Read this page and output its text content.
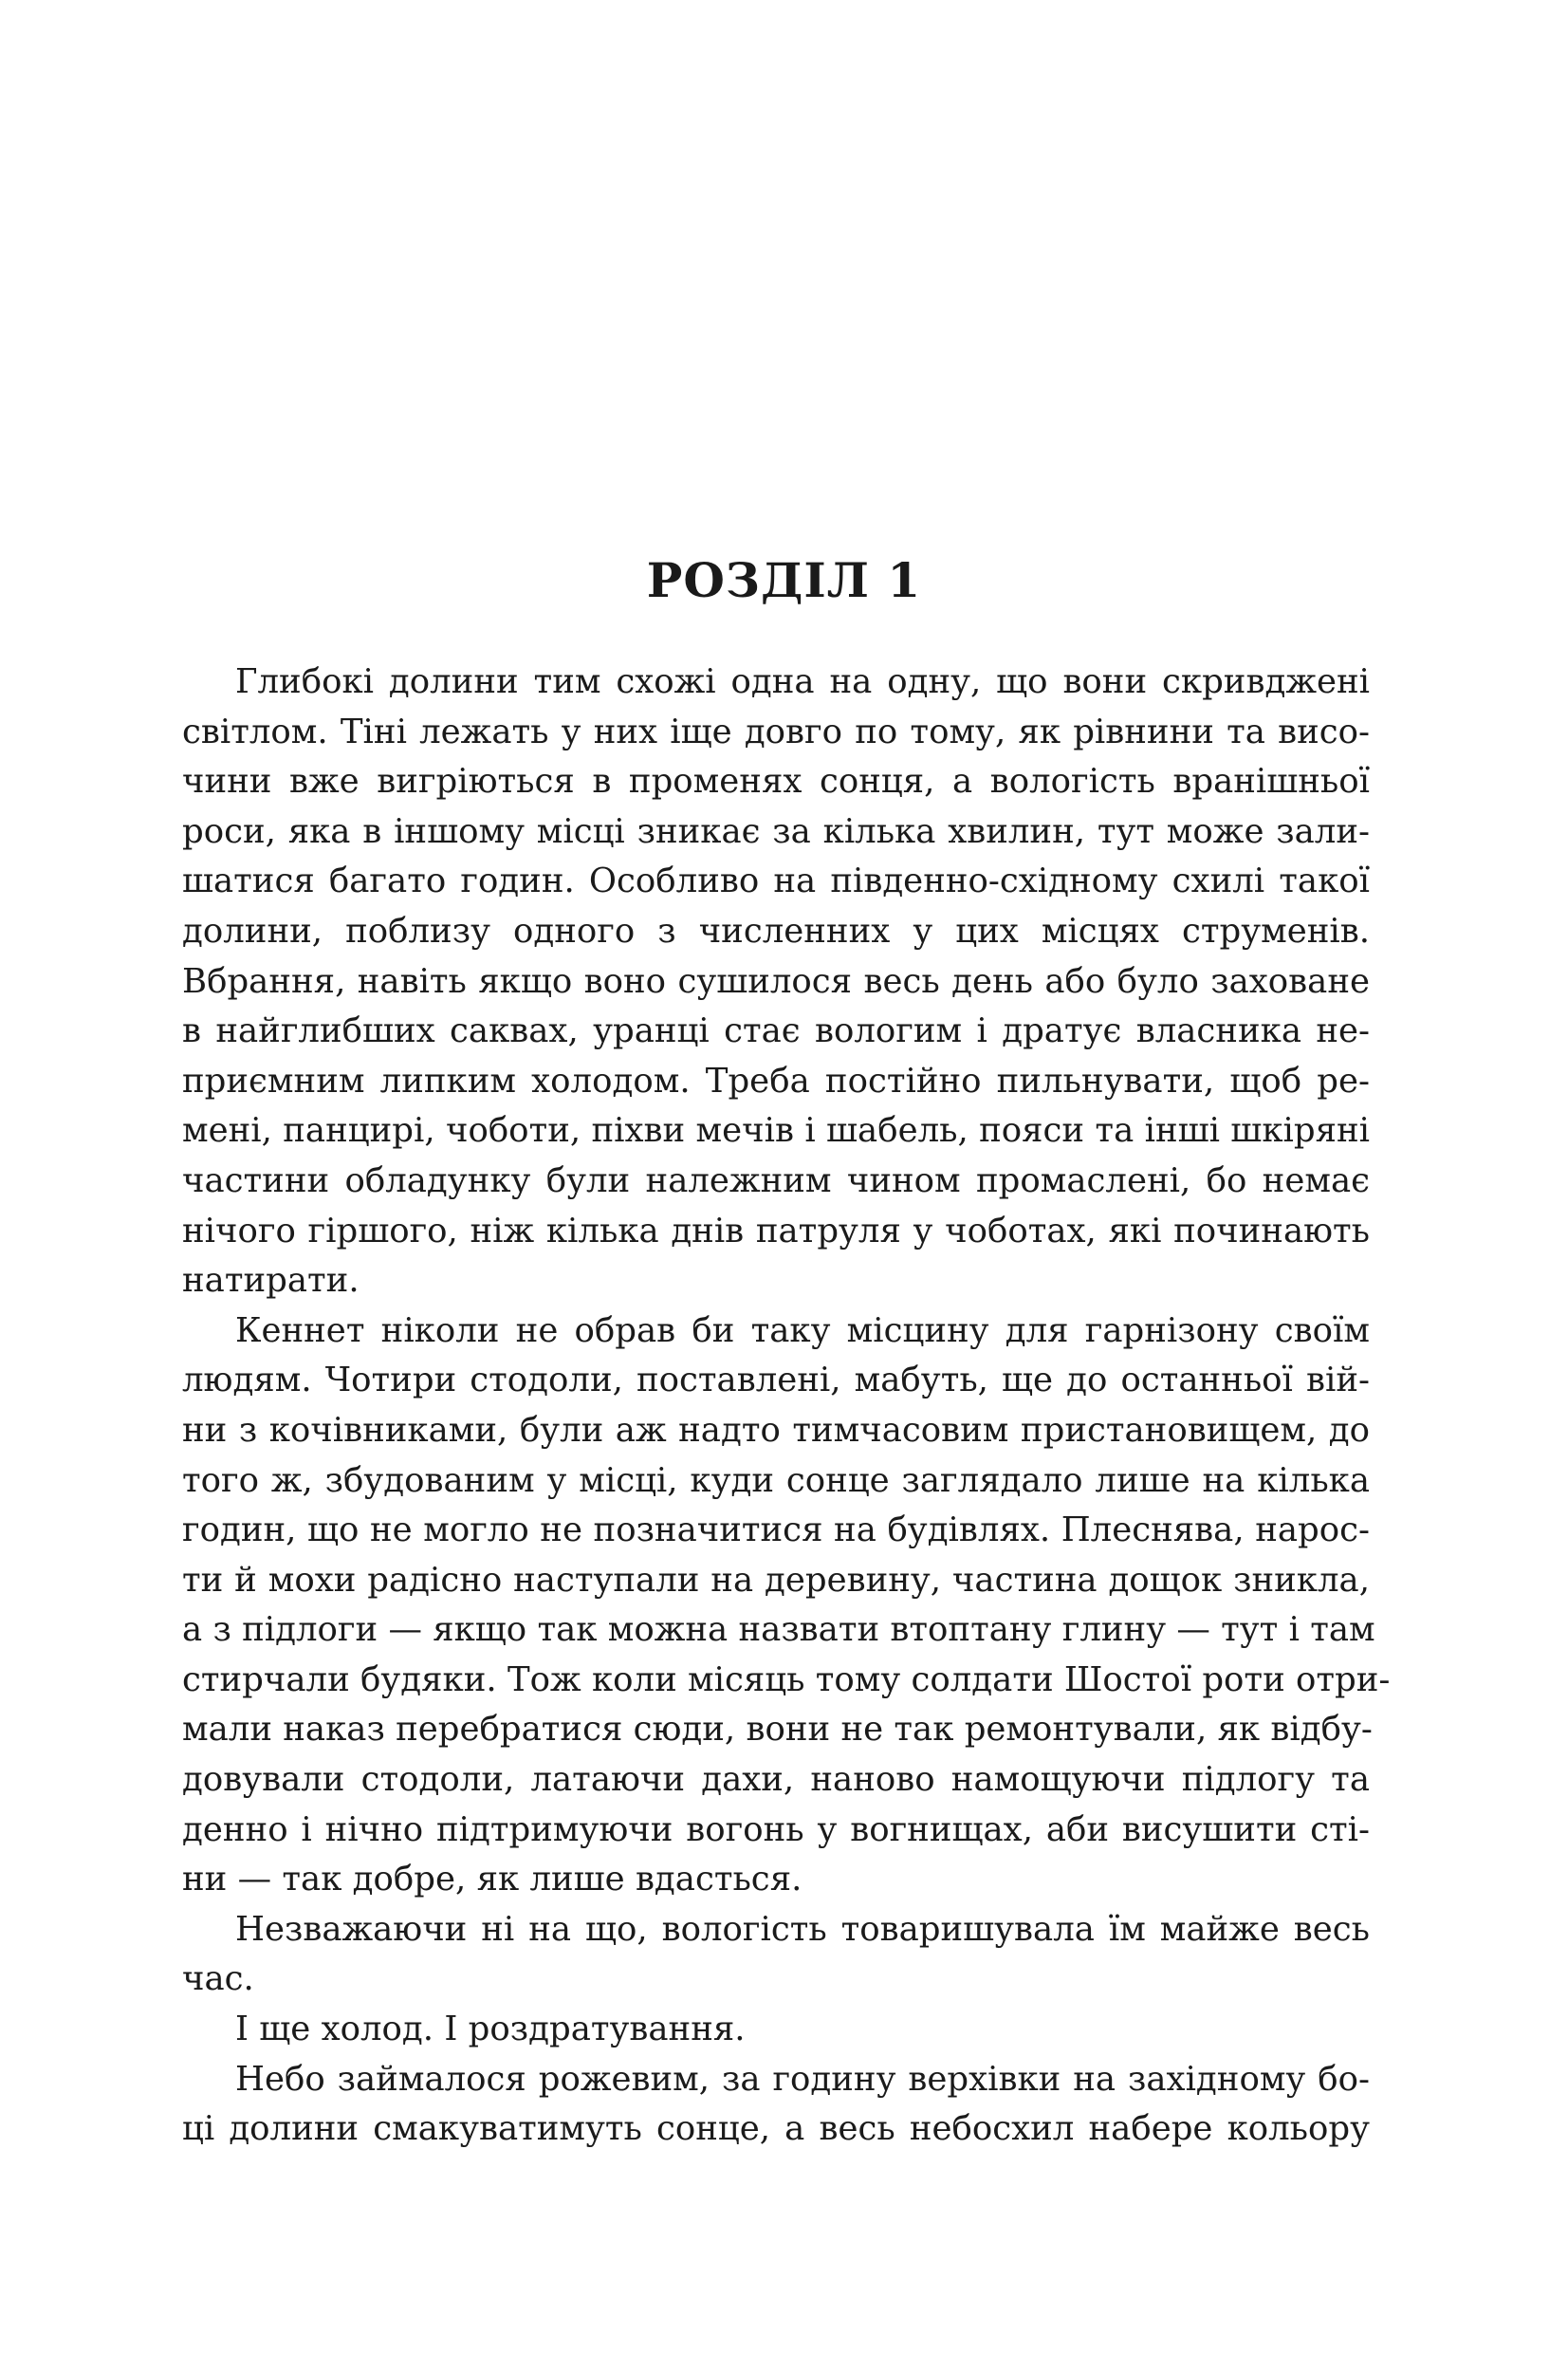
РОЗДІЛ 1
Глибокі долини тим схожі одна на одну, що вони скривджені
світлом. Тіні лежать у них іще довго по тому, як рівнини та висо-
чини вже вигріються в променях сонця, а вологість вранішньої
роси, яка в іншому місці зникає за кілька хвилин, тут може зали-
шатися багато годин. Особливо на південно-східному схилі такої
долини, поблизу одного з численних у цих місцях струменів.
Вбрання, навіть якщо воно сушилося весь день або було заховане
в найглибших саквах, уранці стає вологим і дратує власника не-
приємним липким холодом. Треба постійно пильнувати, щоб ре-
мені, панцирі, чоботи, піхви мечів і шабель, пояси та інші шкіряні
частини обладунку були належним чином промаслені, бо немає
нічого гіршого, ніж кілька днів патруля у чоботах, які починають
натирати.
Кеннет ніколи не обрав би таку місцину для гарнізону своїм
людям. Чотири стодоли, поставлені, мабуть, ще до останньої вій-
ни з кочівниками, були аж надто тимчасовим пристановищем, до
того ж, збудованим у місці, куди сонце заглядало лише на кілька
годин, що не могло не позначитися на будівлях. Плеснява, нарос-
ти й мохи радісно наступали на деревину, частина дощок зникла,
а з підлоги — якщо так можна назвати втоптану глину — тут і там
стирчали будяки. Тож коли місяць тому солдати Шостої роти отри-
мали наказ перебратися сюди, вони не так ремонтували, як відбу-
довували стодоли, латаючи дахи, наново намощуючи підлогу та
денно і нічно підтримуючи вогонь у вогнищах, аби висушити сті-
ни — так добре, як лише вдасться.
Незважаючи ні на що, вологість товаришувала їм майже весь
час.
І ще холод. І роздратування.
Небо займалося рожевим, за годину верхівки на західному бо-
ці долини смакуватимуть сонце, а весь небосхил набере кольору
